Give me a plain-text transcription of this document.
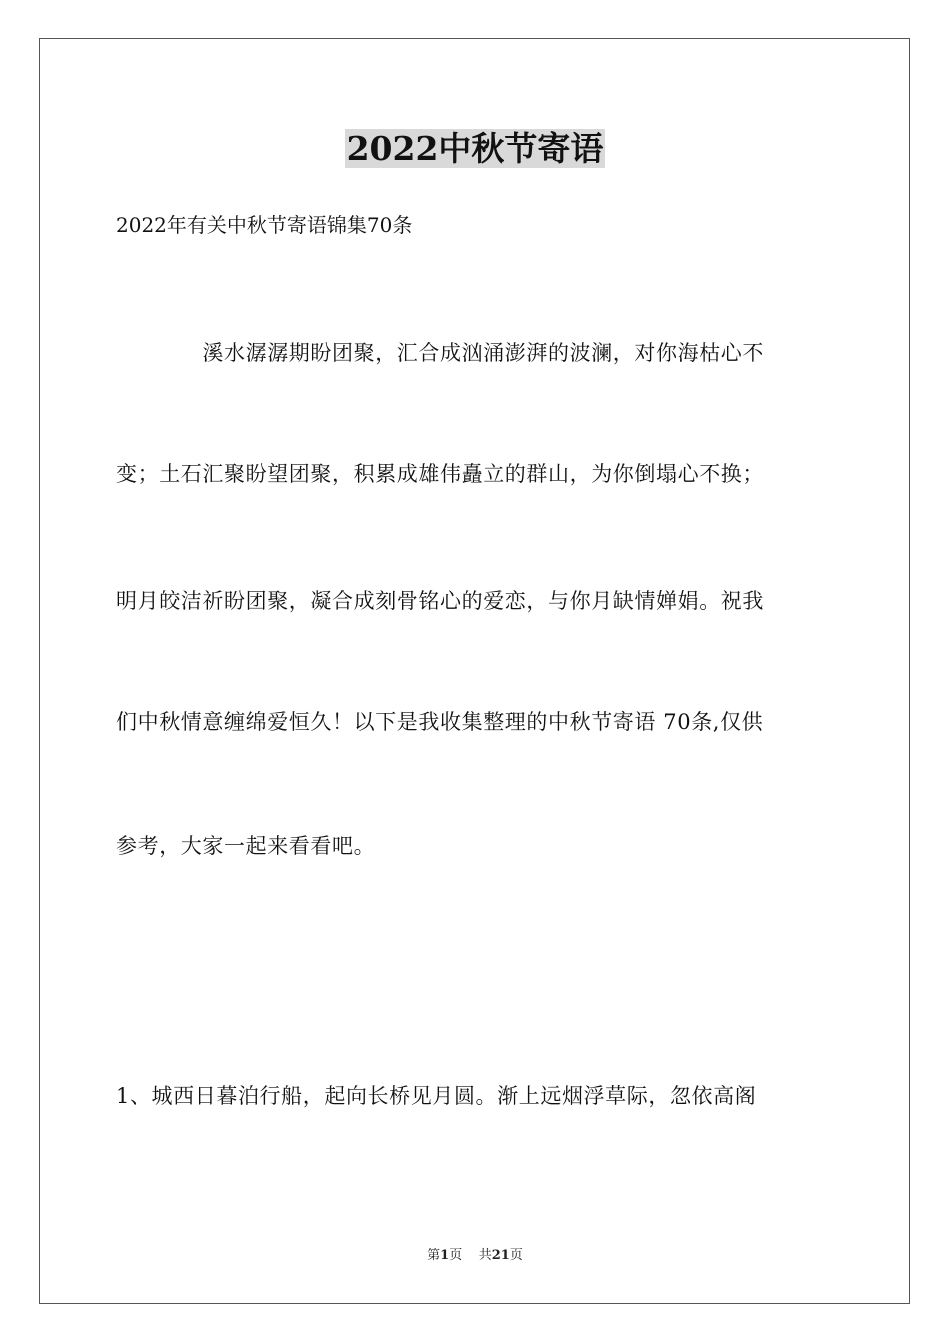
2022中秋节寄语
2022年有关中秋节寄语锦集70条
　　　　溪水潺潺期盼团聚，汇合成汹涌澎湃的波澜，对你海枯心不
变；土石汇聚盼望团聚，积累成雄伟矗立的群山，为你倒塌心不换；
明月皎洁祈盼团聚，凝合成刻骨铭心的爱恋，与你月缺情婵娟。祝我
们中秋情意缠绵爱恒久！以下是我收集整理的中秋节寄语 70条,仅供
参考，大家一起来看看吧。
1、城西日暮泊行船，起向长桥见月圆。渐上远烟浮草际，忽依高阁
第1页 共21页
